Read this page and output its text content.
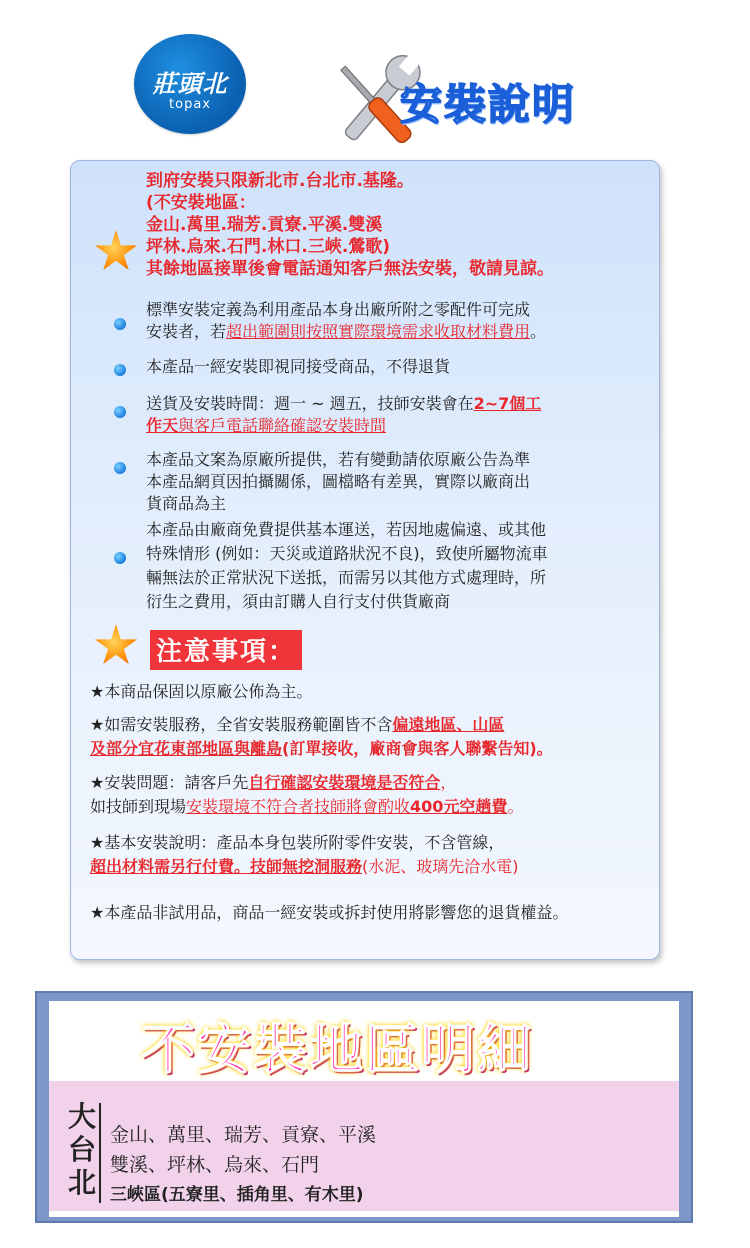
莊頭北
topax	安裝說明
到府安裝只限新北市.台北市.基隆。
(不安裝地區：
金山.萬里.瑞芳.貢寮.平溪.雙溪
坪林.烏來.石門.林口.三峽.鶯歌)
其餘地區接單後會電話通知客戶無法安裝，敬請見諒。
標準安裝定義為利用產品本身出廠所附之零配件可完成
安裝者，若超出範圍則按照實際環境需求收取材料費用。
本產品一經安裝即視同接受商品，不得退貨
送貨及安裝時間：週一 ~ 週五，技師安裝會在2~7個工
作天與客戶電話聯絡確認安裝時間
本產品文案為原廠所提供，若有變動請依原廠公告為準
本產品網頁因拍攝關係，圖檔略有差異，實際以廠商出
貨商品為主
本產品由廠商免費提供基本運送，若因地處偏遠、或其他
特殊情形 (例如：天災或道路狀況不良)，致使所屬物流車
輛無法於正常狀況下送抵，而需另以其他方式處理時，所
衍生之費用，須由訂購人自行支付供貨廠商
注意事項：
★本商品保固以原廠公佈為主。
★如需安裝服務，全省安裝服務範圍皆不含偏遠地區、山區
及部分宜花東部地區與離島(訂單接收，廠商會與客人聯繫告知)。
★安裝問題：請客戶先自行確認安裝環境是否符合，
如技師到現場安裝環境不符合者技師將會酌收400元空趟費。
★基本安裝說明：產品本身包裝所附零件安裝，不含管線，
超出材料需另行付費。技師無挖洞服務(水泥、玻璃先洽水電)
★本產品非試用品，商品一經安裝或拆封使用將影響您的退貨權益。
不安裝地區明細
大台北
金山、萬里、瑞芳、貢寮、平溪
雙溪、坪林、烏來、石門
三峽區(五寮里、插角里、有木里)
